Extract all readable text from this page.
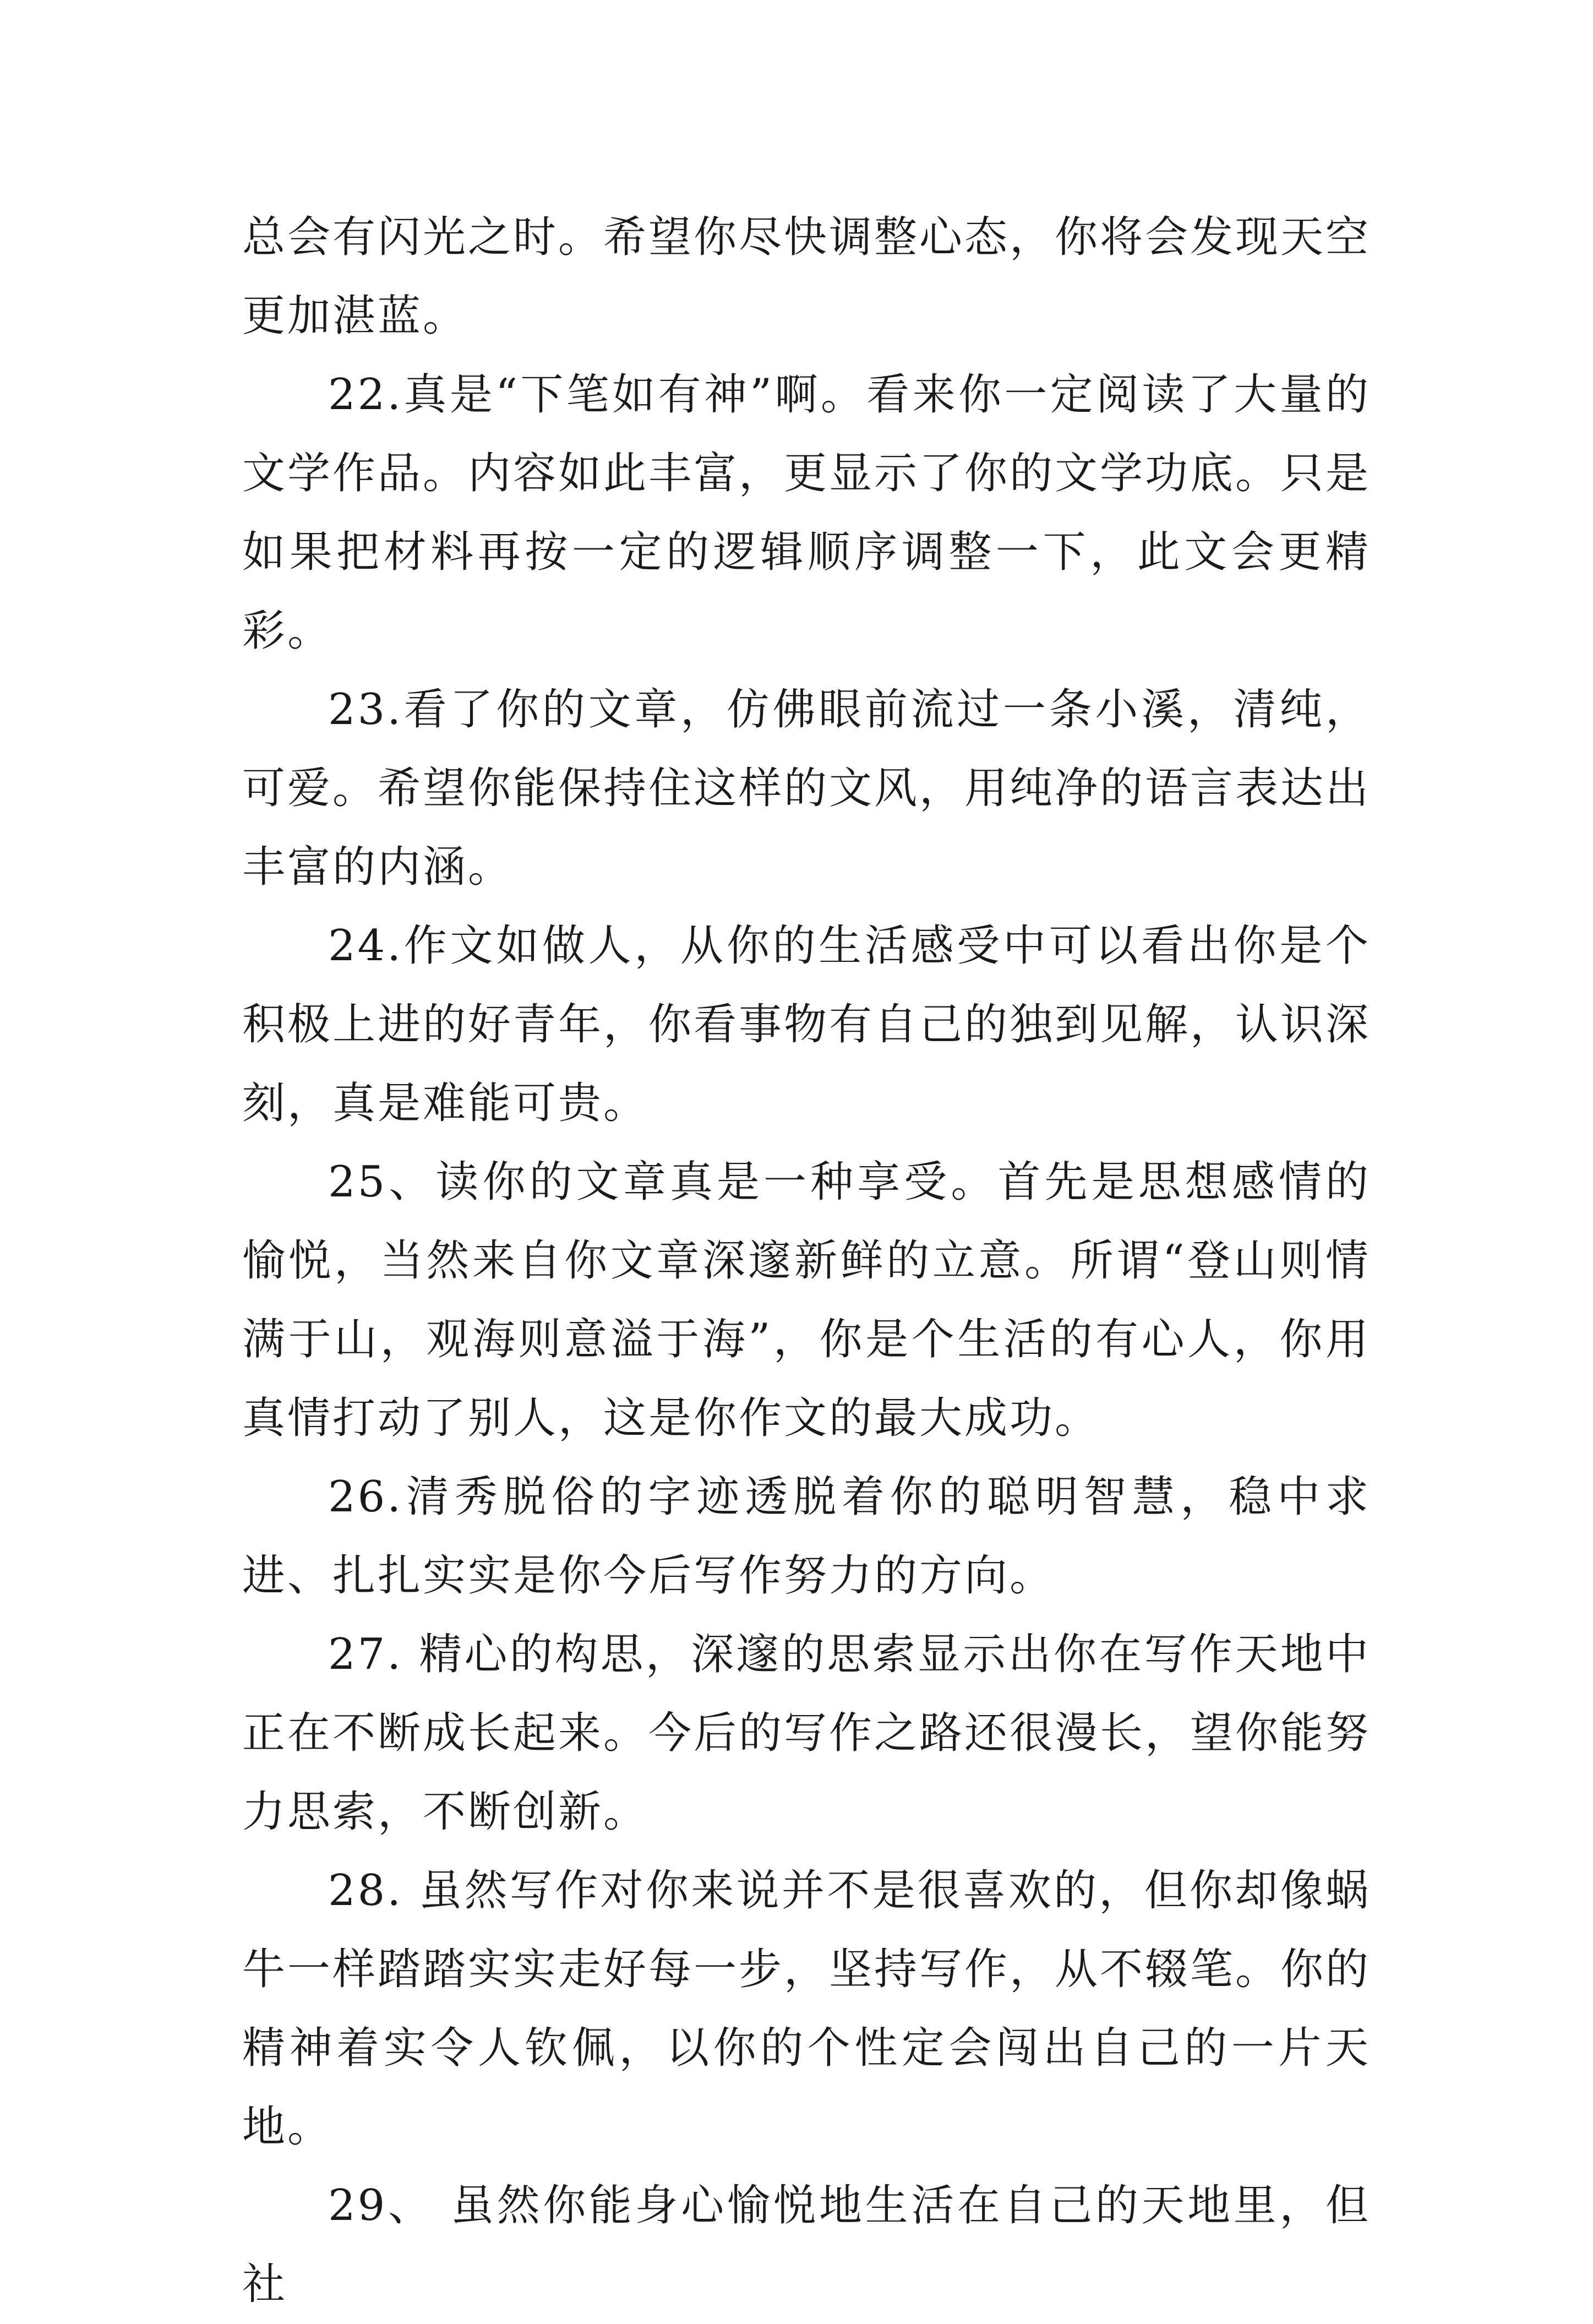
总会有闪光之时。希望你尽快调整心态，你将会发现天空更加湛蓝。

22.真是“下笔如有神”啊。看来你一定阅读了大量的文学作品。内容如此丰富，更显示了你的文学功底。只是如果把材料再按一定的逻辑顺序调整一下，此文会更精彩。

23.看了你的文章，仿佛眼前流过一条小溪，清纯，可爱。希望你能保持住这样的文风，用纯净的语言表达出丰富的内涵。

24.作文如做人，从你的生活感受中可以看出你是个积极上进的好青年，你看事物有自己的独到见解，认识深刻，真是难能可贵。

25、读你的文章真是一种享受。首先是思想感情的愉悦，当然来自你文章深邃新鲜的立意。所谓“登山则情满于山，观海则意溢于海”，你是个生活的有心人，你用真情打动了别人，这是你作文的最大成功。

26.清秀脱俗的字迹透脱着你的聪明智慧，稳中求进、扎扎实实是你今后写作努力的方向。

27. 精心的构思，深邃的思索显示出你在写作天地中正在不断成长起来。今后的写作之路还很漫长，望你能努力思索，不断创新。

28. 虽然写作对你来说并不是很喜欢的，但你却像蜗牛一样踏踏实实走好每一步，坚持写作，从不辍笔。你的精神着实令人钦佩，以你的个性定会闯出自己的一片天地。

29、 虽然你能身心愉悦地生活在自己的天地里，但社
